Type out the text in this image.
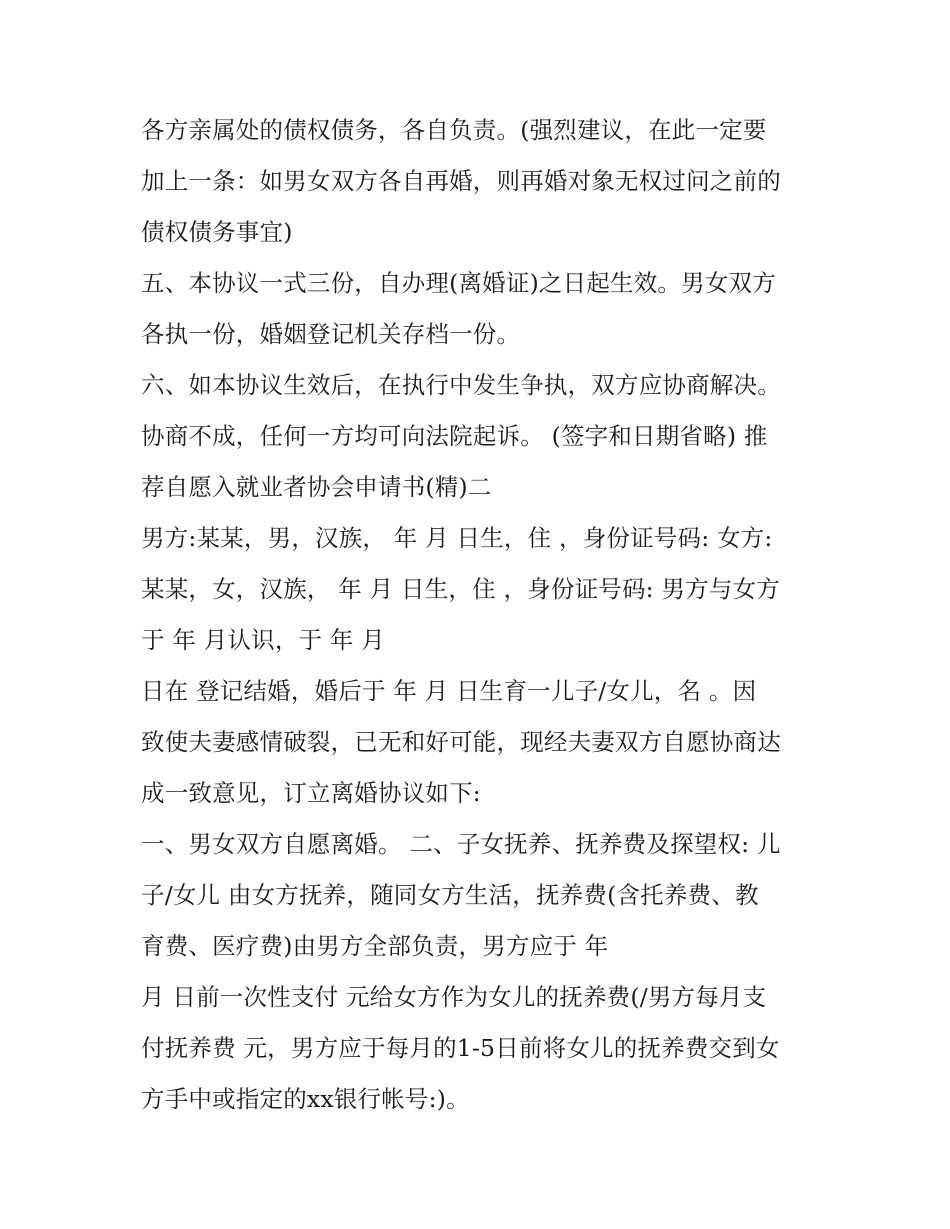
各方亲属处的债权债务，各自负责。(强烈建议，在此一定要
加上一条：如男女双方各自再婚，则再婚对象无权过问之前的
债权债务事宜)
五、本协议一式三份，自办理(离婚证)之日起生效。男女双方
各执一份，婚姻登记机关存档一份。
六、如本协议生效后，在执行中发生争执，双方应协商解决。
协商不成，任何一方均可向法院起诉。 (签字和日期省略) 推
荐自愿入就业者协会申请书(精)二
男方:某某，男，汉族， 年 月 日生，住 ，身份证号码: 女方:
某某，女，汉族， 年 月 日生，住 ，身份证号码: 男方与女方
于 年 月认识，于 年 月
日在 登记结婚，婚后于 年 月 日生育一儿子/女儿，名 。因
致使夫妻感情破裂，已无和好可能，现经夫妻双方自愿协商达
成一致意见，订立离婚协议如下:
一、男女双方自愿离婚。 二、子女抚养、抚养费及探望权: 儿
子/女儿 由女方抚养，随同女方生活，抚养费(含托养费、教
育费、医疗费)由男方全部负责，男方应于 年
月 日前一次性支付 元给女方作为女儿的抚养费(/男方每月支
付抚养费 元，男方应于每月的1-5日前将女儿的抚养费交到女
方手中或指定的xx银行帐号:)。
